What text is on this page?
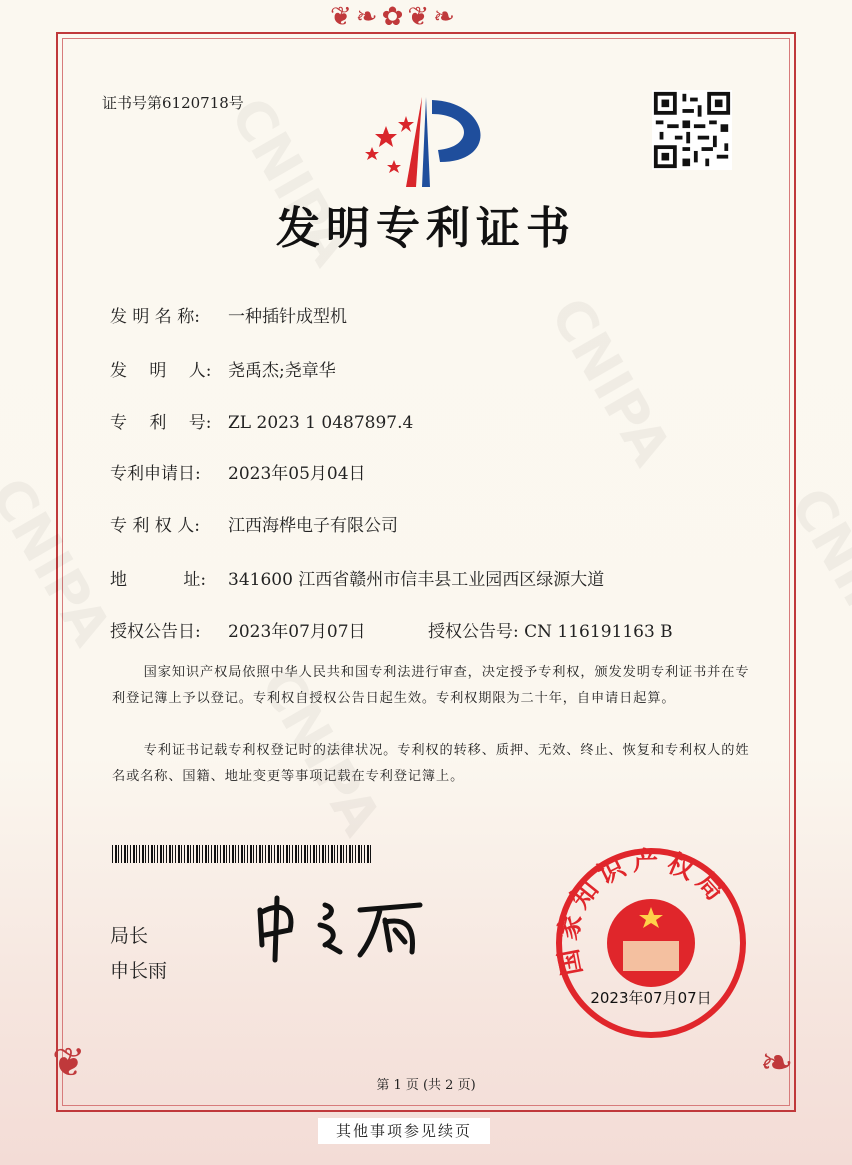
❦❧✿❦❧
❦	❧
证书号第6120718号
发明专利证书
发 明 名 称: 一种插针成型机
发　 明　 人: 尧禹杰;尧章华
专　 利　 号: ZL 2023 1 0487897.4
专利申请日: 2023年05月04日
专 利 权 人: 江西海桦电子有限公司
地　　　 址: 341600 江西省赣州市信丰县工业园西区绿源大道
授权公告日: 2023年07月07日	授权公告号: CN 116191163 B
国家知识产权局依照中华人民共和国专利法进行审查，决定授予专利权，颁发发明专利证书并在专利登记簿上予以登记。专利权自授权公告日起生效。专利权期限为二十年，自申请日起算。
专利证书记载专利权登记时的法律状况。专利权的转移、质押、无效、终止、恢复和专利权人的姓名或名称、国籍、地址变更等事项记载在专利登记簿上。
局长
申长雨	国家知识产权局
2023年07月07日
第 1 页 (共 2 页)
其他事项参见续页
